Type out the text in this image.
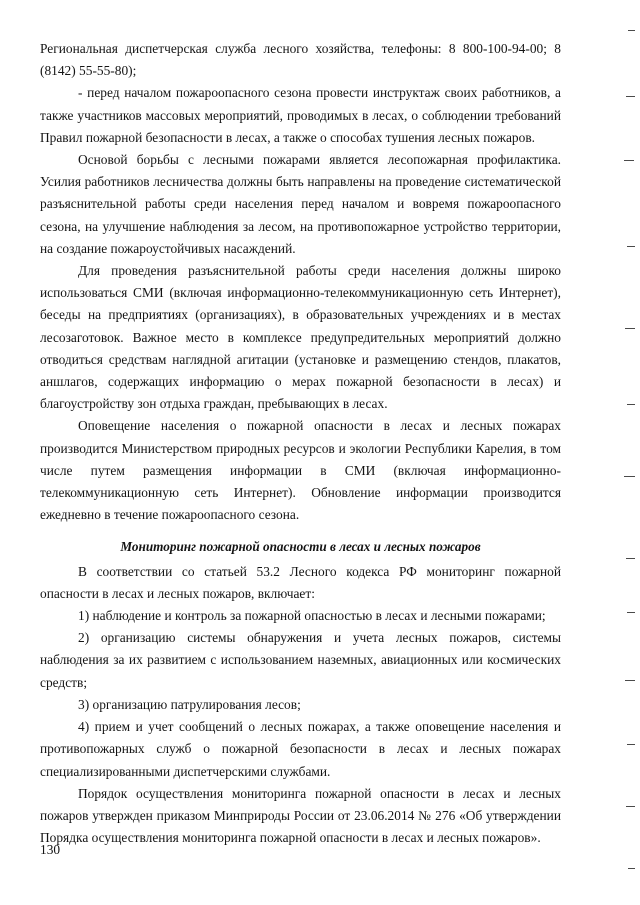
Региональная диспетчерская служба лесного хозяйства, телефоны: 8 800-100-94-00; 8 (8142) 55-55-80);

- перед началом пожароопасного сезона провести инструктаж своих работников, а также участников массовых мероприятий, проводимых в лесах, о соблюдении требований Правил пожарной безопасности в лесах, а также о способах тушения лесных пожаров.

Основой борьбы с лесными пожарами является лесопожарная профилактика. Усилия работников лесничества должны быть направлены на проведение систематической разъяснительной работы среди населения перед началом и вовремя пожароопасного сезона, на улучшение наблюдения за лесом, на противопожарное устройство территории, на создание пожароустойчивых насаждений.

Для проведения разъяснительной работы среди населения должны широко использоваться СМИ (включая информационно-телекоммуникационную сеть Интернет), беседы на предприятиях (организациях), в образовательных учреждениях и в местах лесозаготовок. Важное место в комплексе предупредительных мероприятий должно отводиться средствам наглядной агитации (установке и размещению стендов, плакатов, аншлагов, содержащих информацию о мерах пожарной безопасности в лесах) и благоустройству зон отдыха граждан, пребывающих в лесах.

Оповещение населения о пожарной опасности в лесах и лесных пожарах производится Министерством природных ресурсов и экологии Республики Карелия, в том числе путем размещения информации в СМИ (включая информационно-телекоммуникационную сеть Интернет). Обновление информации производится ежедневно в течение пожароопасного сезона.

Мониторинг пожарной опасности в лесах и лесных пожаров

В соответствии со статьей 53.2 Лесного кодекса РФ мониторинг пожарной опасности в лесах и лесных пожаров, включает:

1) наблюдение и контроль за пожарной опасностью в лесах и лесными пожарами;

2) организацию системы обнаружения и учета лесных пожаров, системы наблюдения за их развитием с использованием наземных, авиационных или космических средств;

3) организацию патрулирования лесов;

4) прием и учет сообщений о лесных пожарах, а также оповещение населения и противопожарных служб о пожарной безопасности в лесах и лесных пожарах специализированными диспетчерскими службами.

Порядок осуществления мониторинга пожарной опасности в лесах и лесных пожаров утвержден приказом Минприроды России от 23.06.2014 № 276 «Об утверждении Порядка осуществления мониторинга пожарной опасности в лесах и лесных пожаров».

130
